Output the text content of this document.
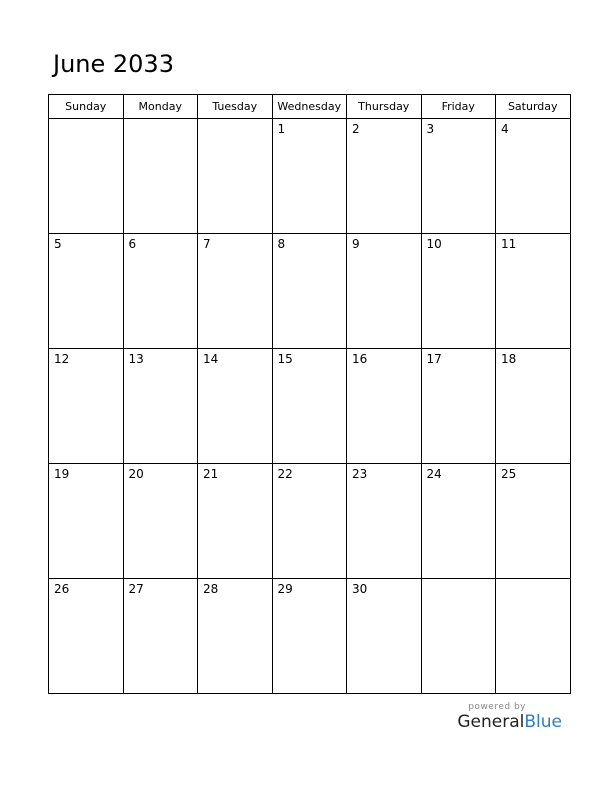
June 2033
Sunday	Monday	Tuesday	Wednesday	Thursday	Friday	Saturday

			1	2	3	4

5	6	7	8	9	10	11

12	13	14	15	16	17	18

19	20	21	22	23	24	25

26	27	28	29	30		

powered by
GeneralBlue
